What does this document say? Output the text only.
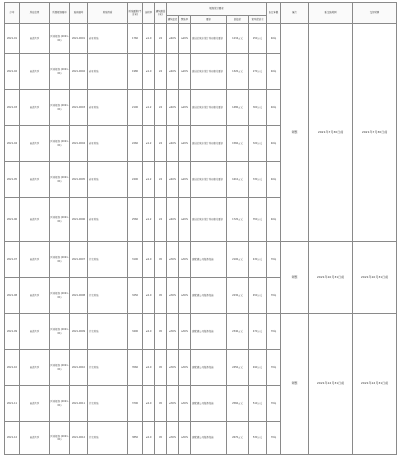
序号	所在位置	所属规划编号	地块编号	用地性质	用地面积(平方米)	容积率	建筑限高(米)	规划设计要求					出让年限	备注	新交地时间	交付时间
								建筑密度	绿地率	要求	起始价	竞买保证金				
2021-01	南湖片区	区块规划 (2021-01)	2021-0001	商业用地	1760	≤1.0	24	≤40%	≥20%	需满足城市设计导则相关要求	1234万元	250万元	40年	调整	2021年7月30日前	2021年7月30日前
2021-02	南湖片区	区块规划 (2021-01)	2021-0002	商业用地	1980	≤1.0	24	≤40%	≥20%	需满足城市设计导则相关要求	1320万元	270万元	40年			
2021-03	南湖片区	区块规划 (2021-01)	2021-0003	商业用地	2100	≤1.2	24	≤40%	≥20%	需满足城市设计导则相关要求	1480万元	300万元	40年			
2021-04	南湖片区	区块规划 (2021-01)	2021-0004	商业用地	2260	≤1.2	24	≤40%	≥20%	需满足城市设计导则相关要求	1560万元	320万元	40年			
2021-05	南湖片区	区块规划 (2021-01)	2021-0005	商业用地	2400	≤1.2	24	≤40%	≥20%	需满足城市设计导则相关要求	1610万元	330万元	40年			
2021-06	南湖片区	区块规划 (2021-01)	2021-0006	商业用地	2560	≤1.2	24	≤40%	≥20%	需满足城市设计导则相关要求	1720万元	350万元	40年			
2021-07	南湖片区	区块规划 (2021-01)	2021-0007	住宅用地	3100	≤2.0	45	≤30%	≥30%	需配建公共服务设施	2100万元	430万元	70年	调整	2021年10月31日前	2021年10月31日前
2021-08	南湖片区	区块规划 (2021-01)	2021-0008	住宅用地	3250	≤2.0	45	≤30%	≥30%	需配建公共服务设施	2230万元	450万元	70年			
2021-09	南湖片区	区块规划 (2021-01)	2021-0009	住宅用地	3400	≤2.0	45	≤30%	≥30%	需配建公共服务设施	2340万元	470万元	70年	调整	2021年12月31日前	2021年12月31日前
2021-10	南湖片区	区块规划 (2021-01)	2021-0010	住宅用地	3560	≤2.0	45	≤30%	≥30%	需配建公共服务设施	2450万元	490万元	70年			
2021-11	南湖片区	区块规划 (2021-01)	2021-0011	住宅用地	3700	≤2.0	45	≤30%	≥30%	需配建公共服务设施	2560万元	510万元	70年			
2021-12	南湖片区	区块规划 (2021-01)	2021-0012	住宅用地	3850	≤2.0	45	≤30%	≥30%	需配建公共服务设施	2670万元	530万元	70年			
